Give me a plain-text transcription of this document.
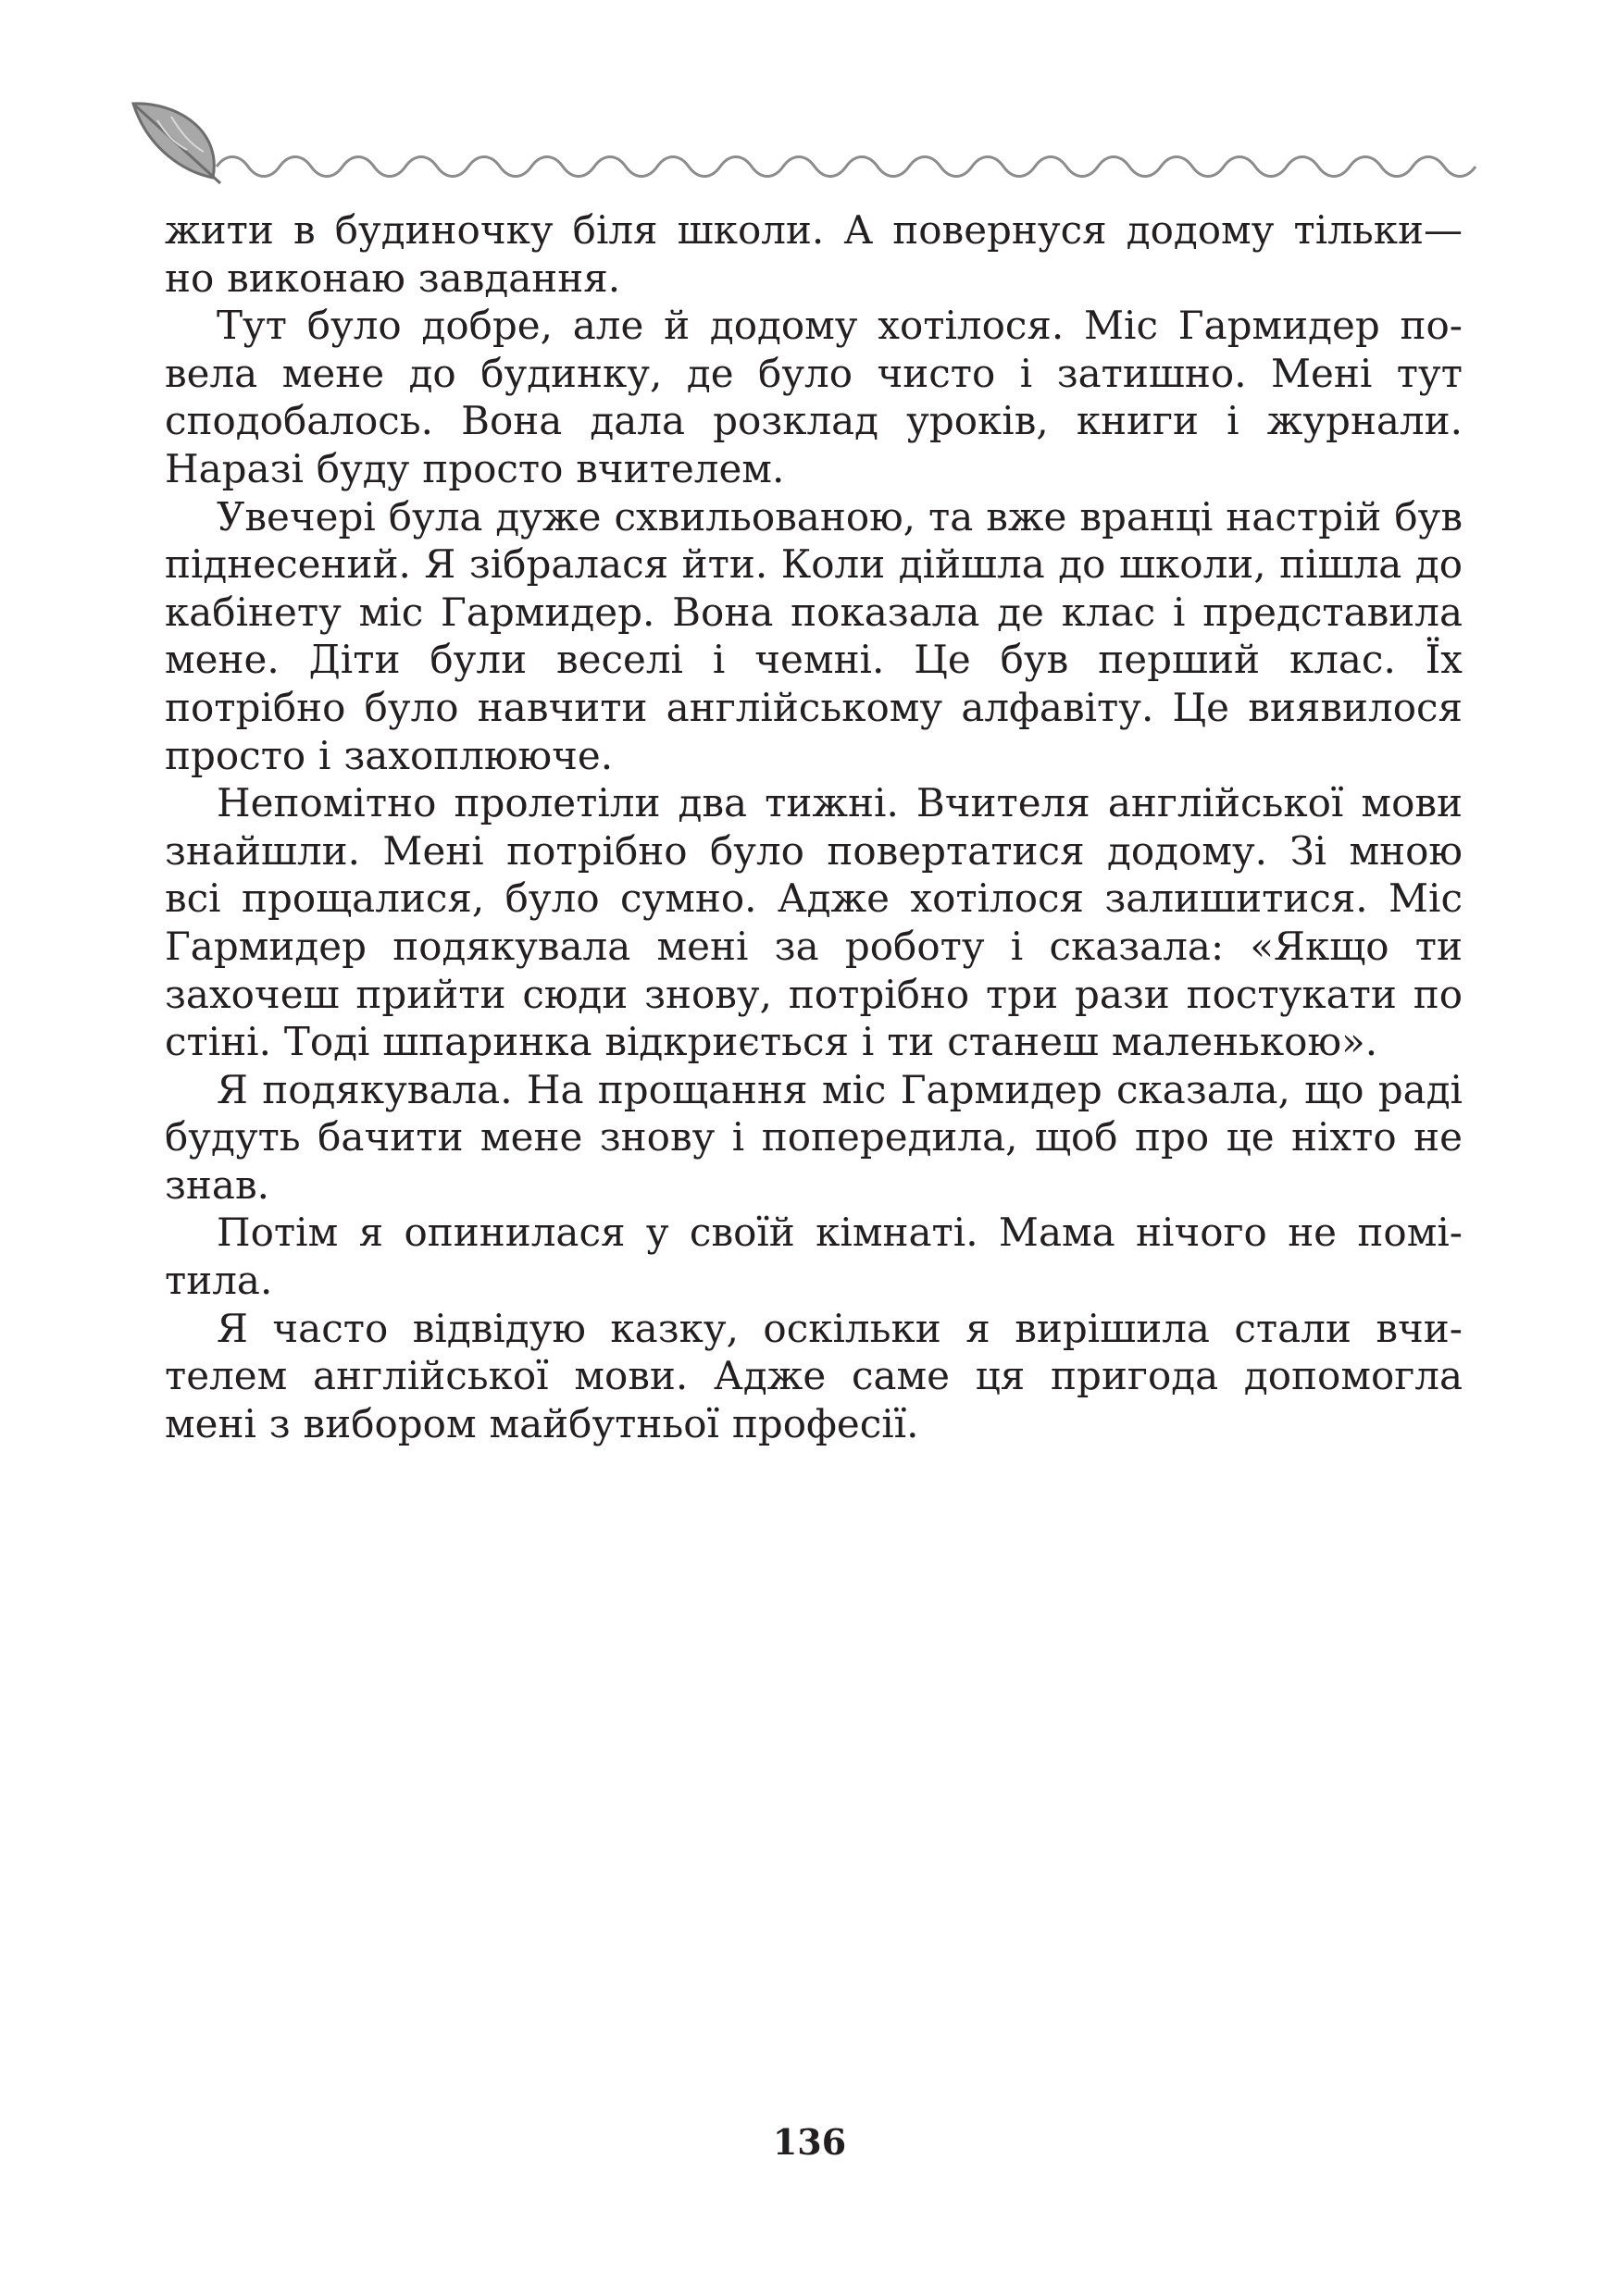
жити в будиночку біля школи. А повернуся додому тільки— но виконаю завдання.

Тут було добре, але й додому хотілося. Міс Гармидер повела мене до будинку, де було чисто і затишно. Мені тут сподобалось. Вона дала розклад уроків, книги і журнали. Наразі буду просто вчителем.

Увечері була дуже схвильованою, та вже вранці настрій був піднесений. Я зібралася йти. Коли дійшла до школи, пішла до кабінету міс Гармидер. Вона показала де клас і представила мене. Діти були веселі і чемні. Це був перший клас. Їх потрібно було навчити англійському алфавіту. Це виявилося просто і захоплююче.

Непомітно пролетіли два тижні. Вчителя англійської мови знайшли. Мені потрібно було повертатися додому. Зі мною всі прощалися, було сумно. Адже хотілося залишитися. Міс Гармидер подякувала мені за роботу і сказала: «Якщо ти захочеш прийти сюди знову, потрібно три рази постукати по стіні. Тоді шпаринка відкриється і ти станеш маленькою».

Я подякувала. На прощання міс Гармидер сказала, що раді будуть бачити мене знову і попередила, щоб про це ніхто не знав.

Потім я опинилася у своїй кімнаті. Мама нічого не помітила.

Я часто відвідую казку, оскільки я вирішила стали вчителем англійської мови. Адже саме ця пригода допомогла мені з вибором майбутньої професії.

136
